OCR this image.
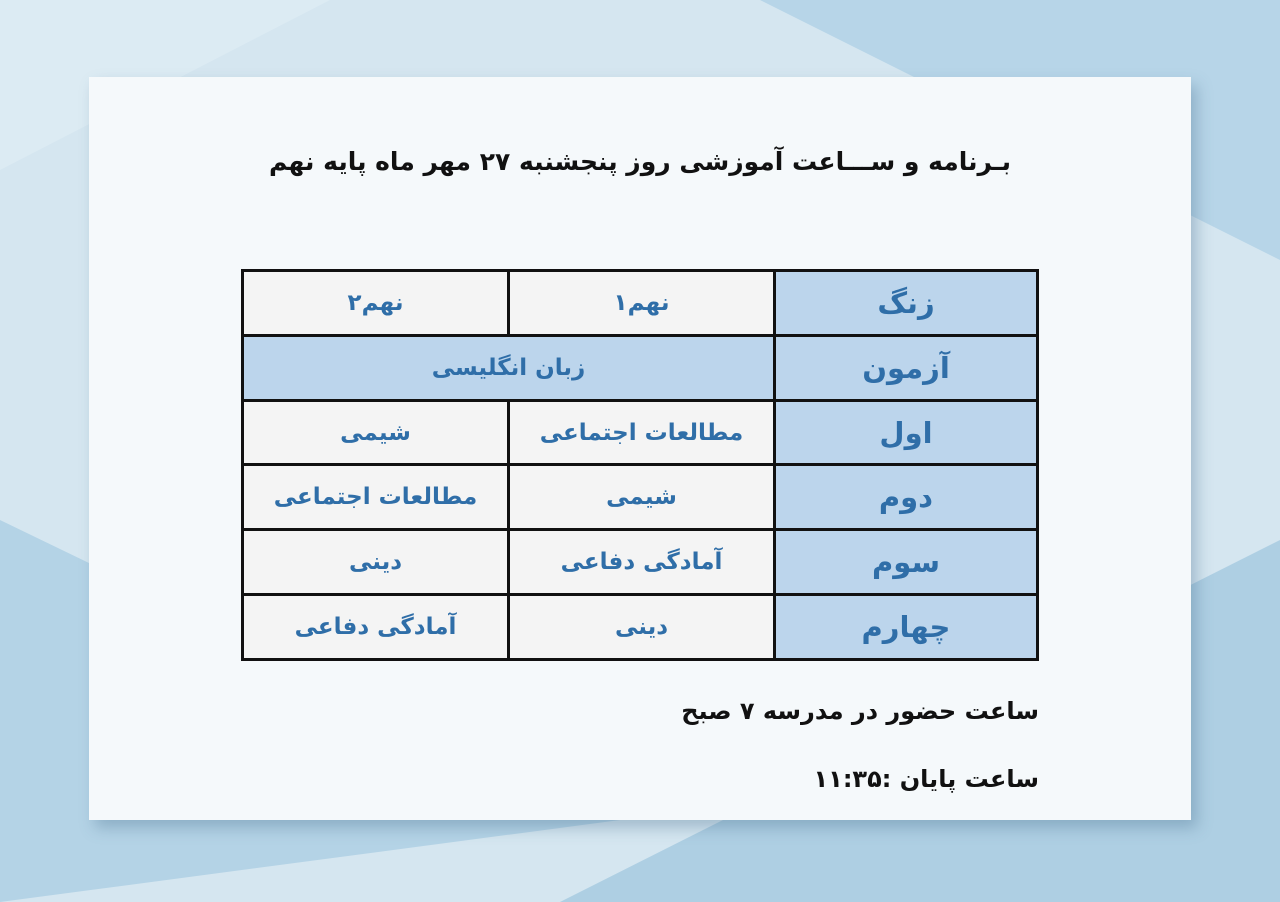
بـرنامه و ســـاعت آموزشی روز پنجشنبه ۲۷ مهر ماه پایه نهم
زنگ	نهم۱	نهم۲
آزمون	زبان انگلیسی	
اول	مطالعات اجتماعی	شیمی
دوم	شیمی	مطالعات اجتماعی
سوم	آمادگی دفاعی	دینی
چهارم	دینی	آمادگی دفاعی
ساعت حضور در مدرسه ۷ صبح
ساعت پایان :۱۱:۳۵
